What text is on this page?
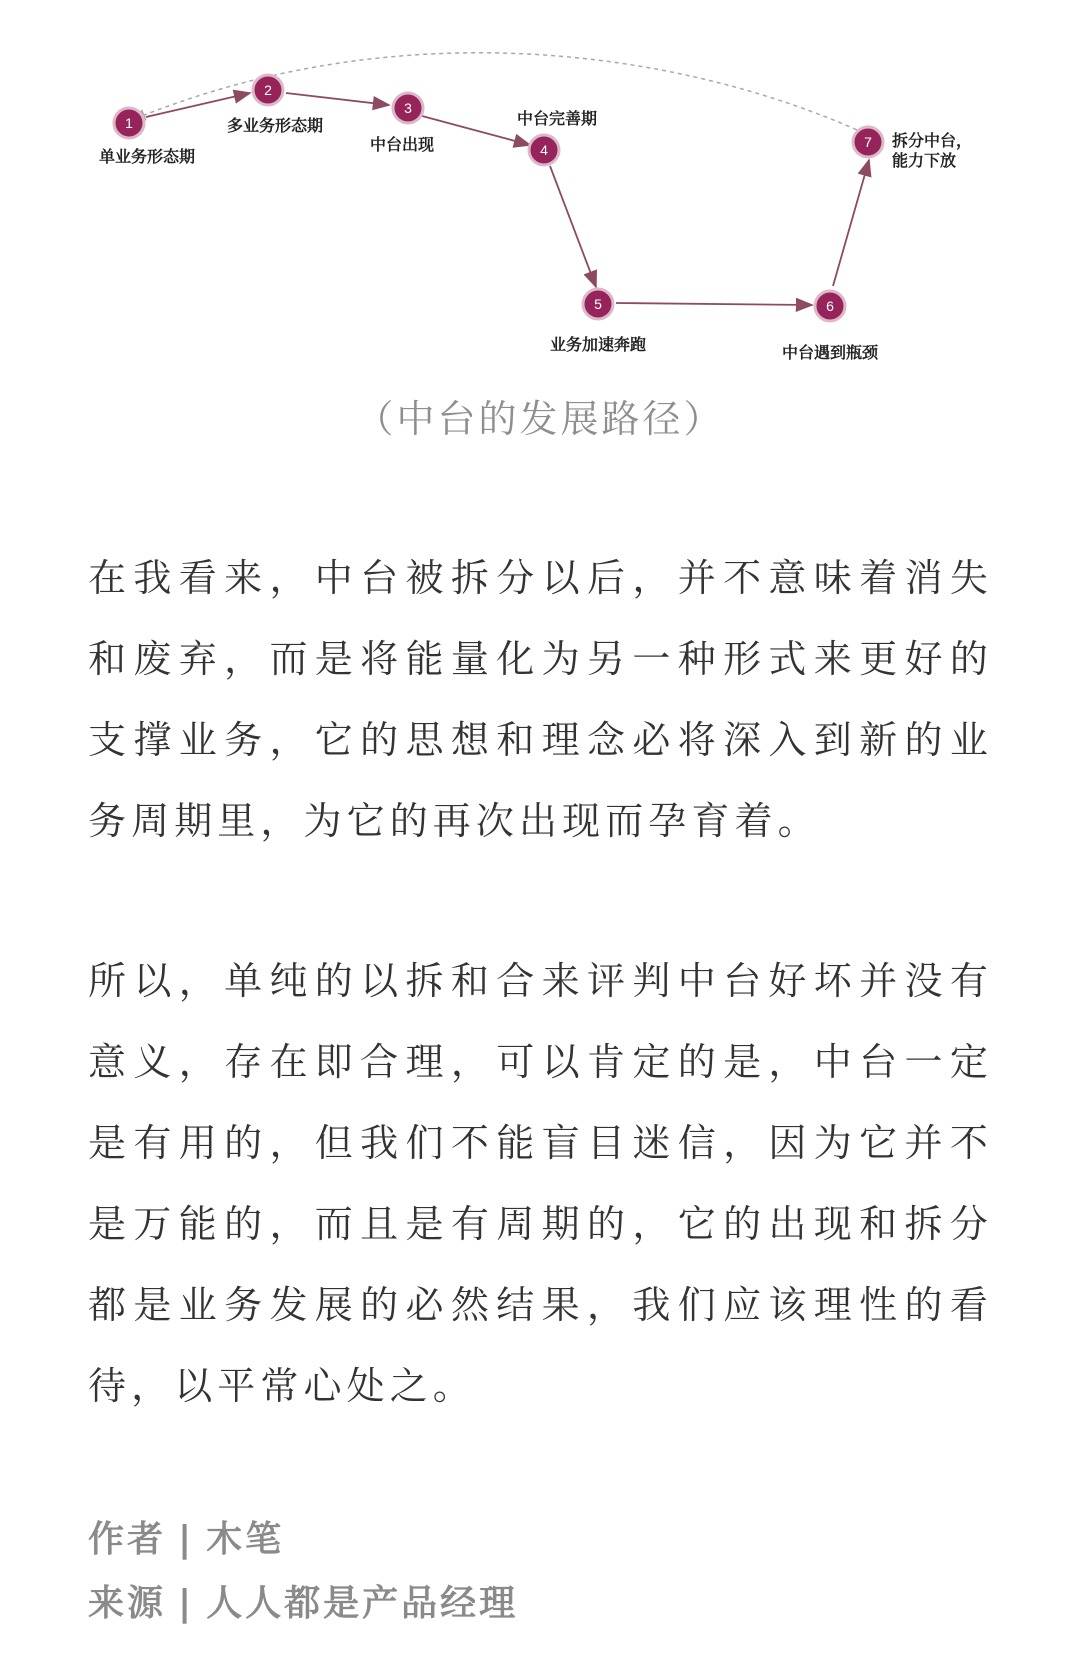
1
单业务形态期
2
多业务形态期
3
中台出现	4
中台完善期
5
业务加速奔跑
6
中台遇到瓶颈
7 拆分中台，
能力下放
（中台的发展路径）

在我看来，中台被拆分以后，并不意味着消失和废弃，而是将能量化为另一种形式来更好的支撑业务，它的思想和理念必将深入到新的业务周期里，为它的再次出现而孕育着。

所以，单纯的以拆和合来评判中台好坏并没有意义，存在即合理，可以肯定的是，中台一定是有用的，但我们不能盲目迷信，因为它并不是万能的，而且是有周期的，它的出现和拆分都是业务发展的必然结果，我们应该理性的看待，以平常心处之。

作者 | 木笔
来源 | 人人都是产品经理
